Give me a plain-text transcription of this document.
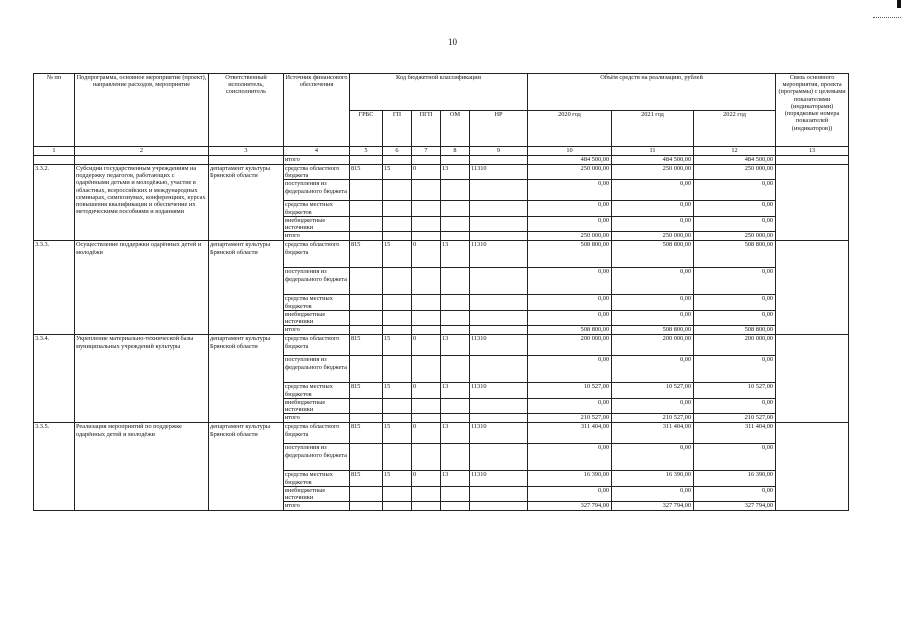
10
№ пп	Подпрограмма, основное мероприятие (проект), направление расходов, мероприятие	Ответственный исполнитель, соисполнитель	Источник финансового обеспечения	Код бюджетной классификации					Объём средств на реализацию, рублей			Связь основного мероприятия, проекта (программы) с целевыми показателями (индикаторами) (порядковые номера показателей (индикаторов))
				ГРБС	ГП	ПГП	ОМ	НР	2020 год	2021 год	2022 год	
1	2	3	4	5	6	7	8	9	10	11	12	13
			итого						484 500,00	484 500,00	484 500,00	
3.3.2.	Субсидии государственным учреждениям на поддержку педагогов, работающих с одарёнными детьми и молодёжью, участие в областных, всероссийских и международных семинарах, симпозиумах, конференциях, курсах повышения квалификации и обеспечение их методическими пособиями и изданиями	департамент культуры Брянской области	средства областного бюджета	815	15	0	13	11310	250 000,00	250 000,00	250 000,00	
			поступления из федерального бюджета						0,00	0,00	0,00	
			средства местных бюджетов						0,00	0,00	0,00	
			внебюджетные источники						0,00	0,00	0,00	
			итого						250 000,00	250 000,00	250 000,00	
3.3.3.	Осуществление поддержки одарённых детей и молодёжи	департамент культуры Брянской области	средства областного бюджета	815	15	0	13	11310	508 800,00	508 800,00	508 800,00	
			поступления из федерального бюджета						0,00	0,00	0,00	
			средства местных бюджетов						0,00	0,00	0,00	
			внебюджетные источники						0,00	0,00	0,00	
			итого						508 800,00	508 800,00	508 800,00	
3.3.4.	Укрепление материально-технической базы муниципальных учреждений культуры	департамент культуры Брянской области	средства областного бюджета	815	15	0	13	11310	200 000,00	200 000,00	200 000,00	
			поступления из федерального бюджета						0,00	0,00	0,00	
			средства местных бюджетов	815	15	0	13	11310	10 527,00	10 527,00	10 527,00	
			внебюджетные источники						0,00	0,00	0,00	
			итого						210 527,00	210 527,00	210 527,00	
3.3.5.	Реализация мероприятий по поддержке одарённых детей и молодёжи	департамент культуры Брянской области	средства областного бюджета	815	15	0	13	11310	311 404,00	311 404,00	311 404,00	
			поступления из федерального бюджета						0,00	0,00	0,00	
			средства местных бюджетов	815	15	0	13	11310	16 390,00	16 390,00	16 390,00	
			внебюджетные источники						0,00	0,00	0,00	
			итого						327 794,00	327 794,00	327 794,00	
